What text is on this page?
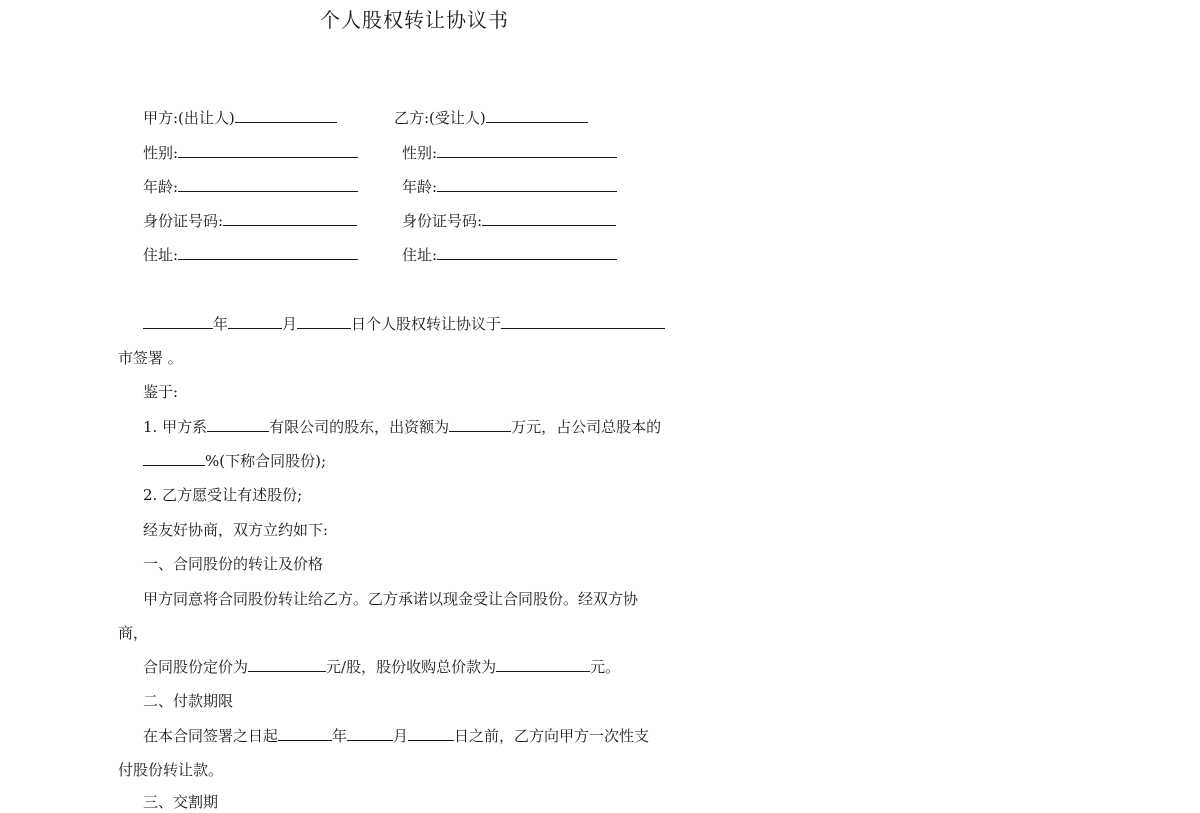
个人股权转让协议书
甲方:(出让人)	乙方:(受让人)
性别:	性别:
年龄:	年龄:
身份证号码:	身份证号码:
住址:	住址:
年	月	日个人股权转让协议于
市签署 。
鉴于:
1. 甲方系	有限公司的股东，出资额为	万元，占公司总股本的
%(下称合同股份);
2. 乙方愿受让有述股份;
经友好协商，双方立约如下:
一、合同股份的转让及价格
甲方同意将合同股份转让给乙方。乙方承诺以现金受让合同股份。经双方协
商，
合同股份定价为	元/股，股份收购总价款为	元。
二、付款期限
在本合同签署之日起	年	月	日之前，乙方向甲方一次性支
付股份转让款。
三、交割期
